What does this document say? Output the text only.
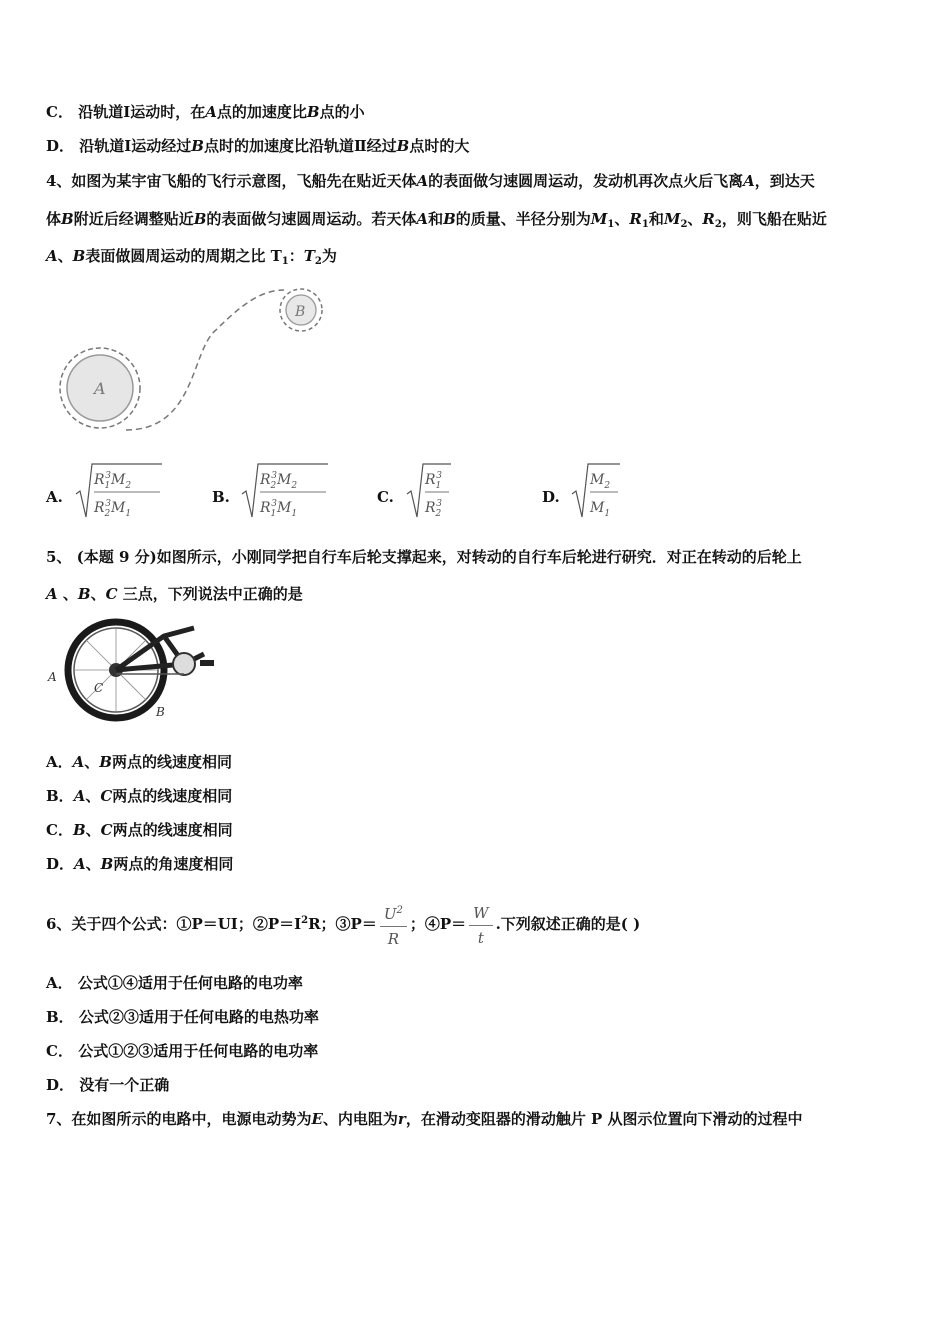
C． 沿轨道Ⅰ运动时，在A点的加速度比B点的小
D． 沿轨道Ⅰ运动经过B点时的加速度比沿轨道Ⅱ经过B点时的大
4、如图为某宇宙飞船的飞行示意图，飞船先在贴近天体A的表面做匀速圆周运动，发动机再次点火后飞离A，到达天
体B附近后经调整贴近B的表面做匀速圆周运动。若天体A和B的质量、半径分别为$M_1$、$R_1$和$M_2$、$R_2$，则飞船在贴近
A、B表面做圆周运动的周期之比 $T_1$：$T_2$为
A
B
A.
$R_13M_2$
$R_23M_1$
B.
$R_23M_2$
$R_13M_1$
C.
$R_13$
$R_23$	D.
$M_2$
$M_1$
5、 (本题 9 分)如图所示，小刚同学把自行车后轮支撑起来，对转动的自行车后轮进行研究．对正在转动的后轮上
A 、B、C 三点，下列说法中正确的是
A
C
B
A．A、B两点的线速度相同
B．A、C两点的线速度相同
C．B、C两点的线速度相同
D．A、B两点的角速度相同
6、关于四个公式：①P＝UI；$②P=I^2R$；③P＝ $\frac{U^2}{R}$ ；④P＝ $\frac{W}{t}$ .下列叙述正确的是( )
A． 公式①④适用于任何电路的电功率
B． 公式②③适用于任何电路的电热功率
C． 公式①②③适用于任何电路的电功率
D． 没有一个正确
7、在如图所示的电路中，电源电动势为E、内电阻为r，在滑动变阻器的滑动触片 P 从图示位置向下滑动的过程中
